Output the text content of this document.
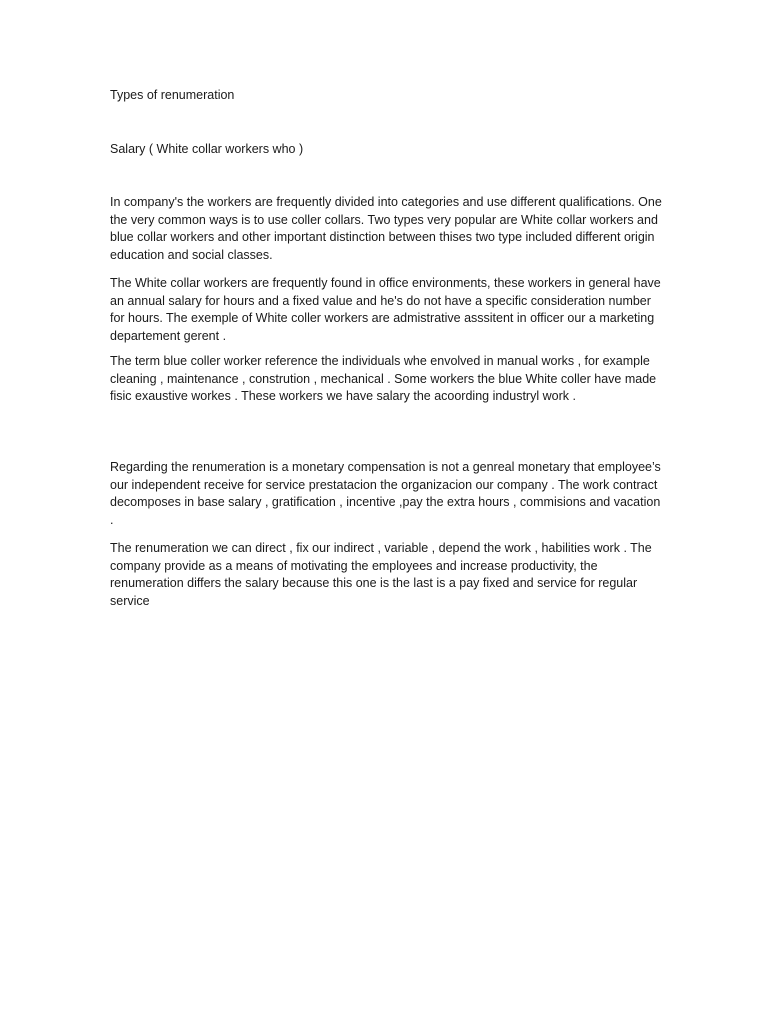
Types of renumeration

Salary ( White collar workers who )

In company's the workers are frequently divided into categories and use different qualifications. One the very common ways is to use coller collars. Two types very popular are White collar workers and blue collar workers and other important distinction between thises two type included different origin education and social classes.

The White collar workers are frequently found in office environments, these workers in general have an annual salary for hours and a fixed value and he's do not have a specific consideration number for hours. The exemple of White coller workers are admistrative asssitent in officer our a marketing departement gerent .

The term blue coller worker reference the individuals whe envolved in manual works , for example cleaning , maintenance , constrution , mechanical . Some workers the blue White coller have made fisic exaustive workes . These workers we have salary the acoording industryl work .

Regarding the renumeration is a monetary compensation is not a genreal monetary that employee’s our independent receive for service prestatacion the organizacion our company . The work contract decomposes in base salary , gratification , incentive ,pay the extra hours , commisions and vacation .

The renumeration we can direct , fix our indirect , variable , depend the work , habilities work . The company provide as a means of motivating the employees and increase productivity, the renumeration differs the salary because this one is the last is a pay fixed and service for regular service
